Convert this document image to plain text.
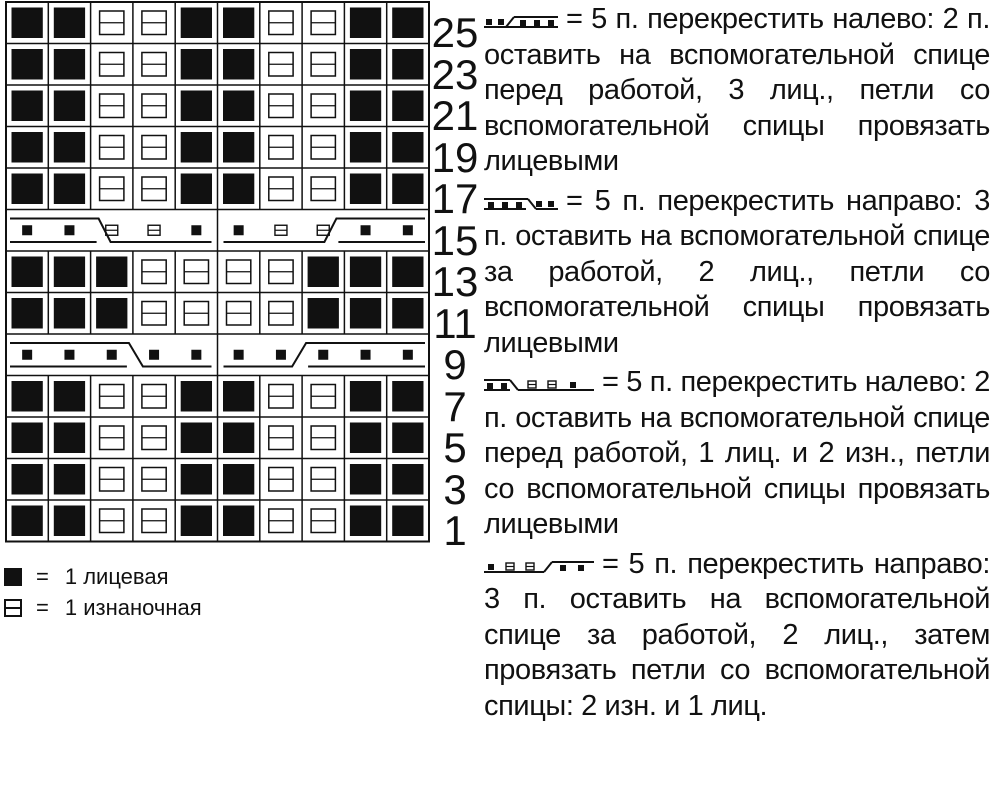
25
23
21
19
17
15
13
11
9
7
5
3
1
= 1 лицевая
= 1 изнаночная

= 5 п. перекрестить налево: 2 п. оставить на вспомогательной спице перед работой, 3 лиц., петли со вспомогательной спицы провязать лицевыми

= 5 п. перекрестить направо: 3 п. оставить на вспомогательной спице за работой, 2 лиц., петли со вспомогательной спицы провязать лицевыми

= 5 п. перекрестить налево: 2 п. оставить на вспомогательной спице перед работой, 1 лиц. и 2 изн., петли со вспомогательной спицы провязать лицевыми

= 5 п. перекрестить направо: 3 п. оставить на вспомогательной спице за работой, 2 лиц., затем провязать петли со вспомогательной спицы: 2 изн. и 1 лиц.
